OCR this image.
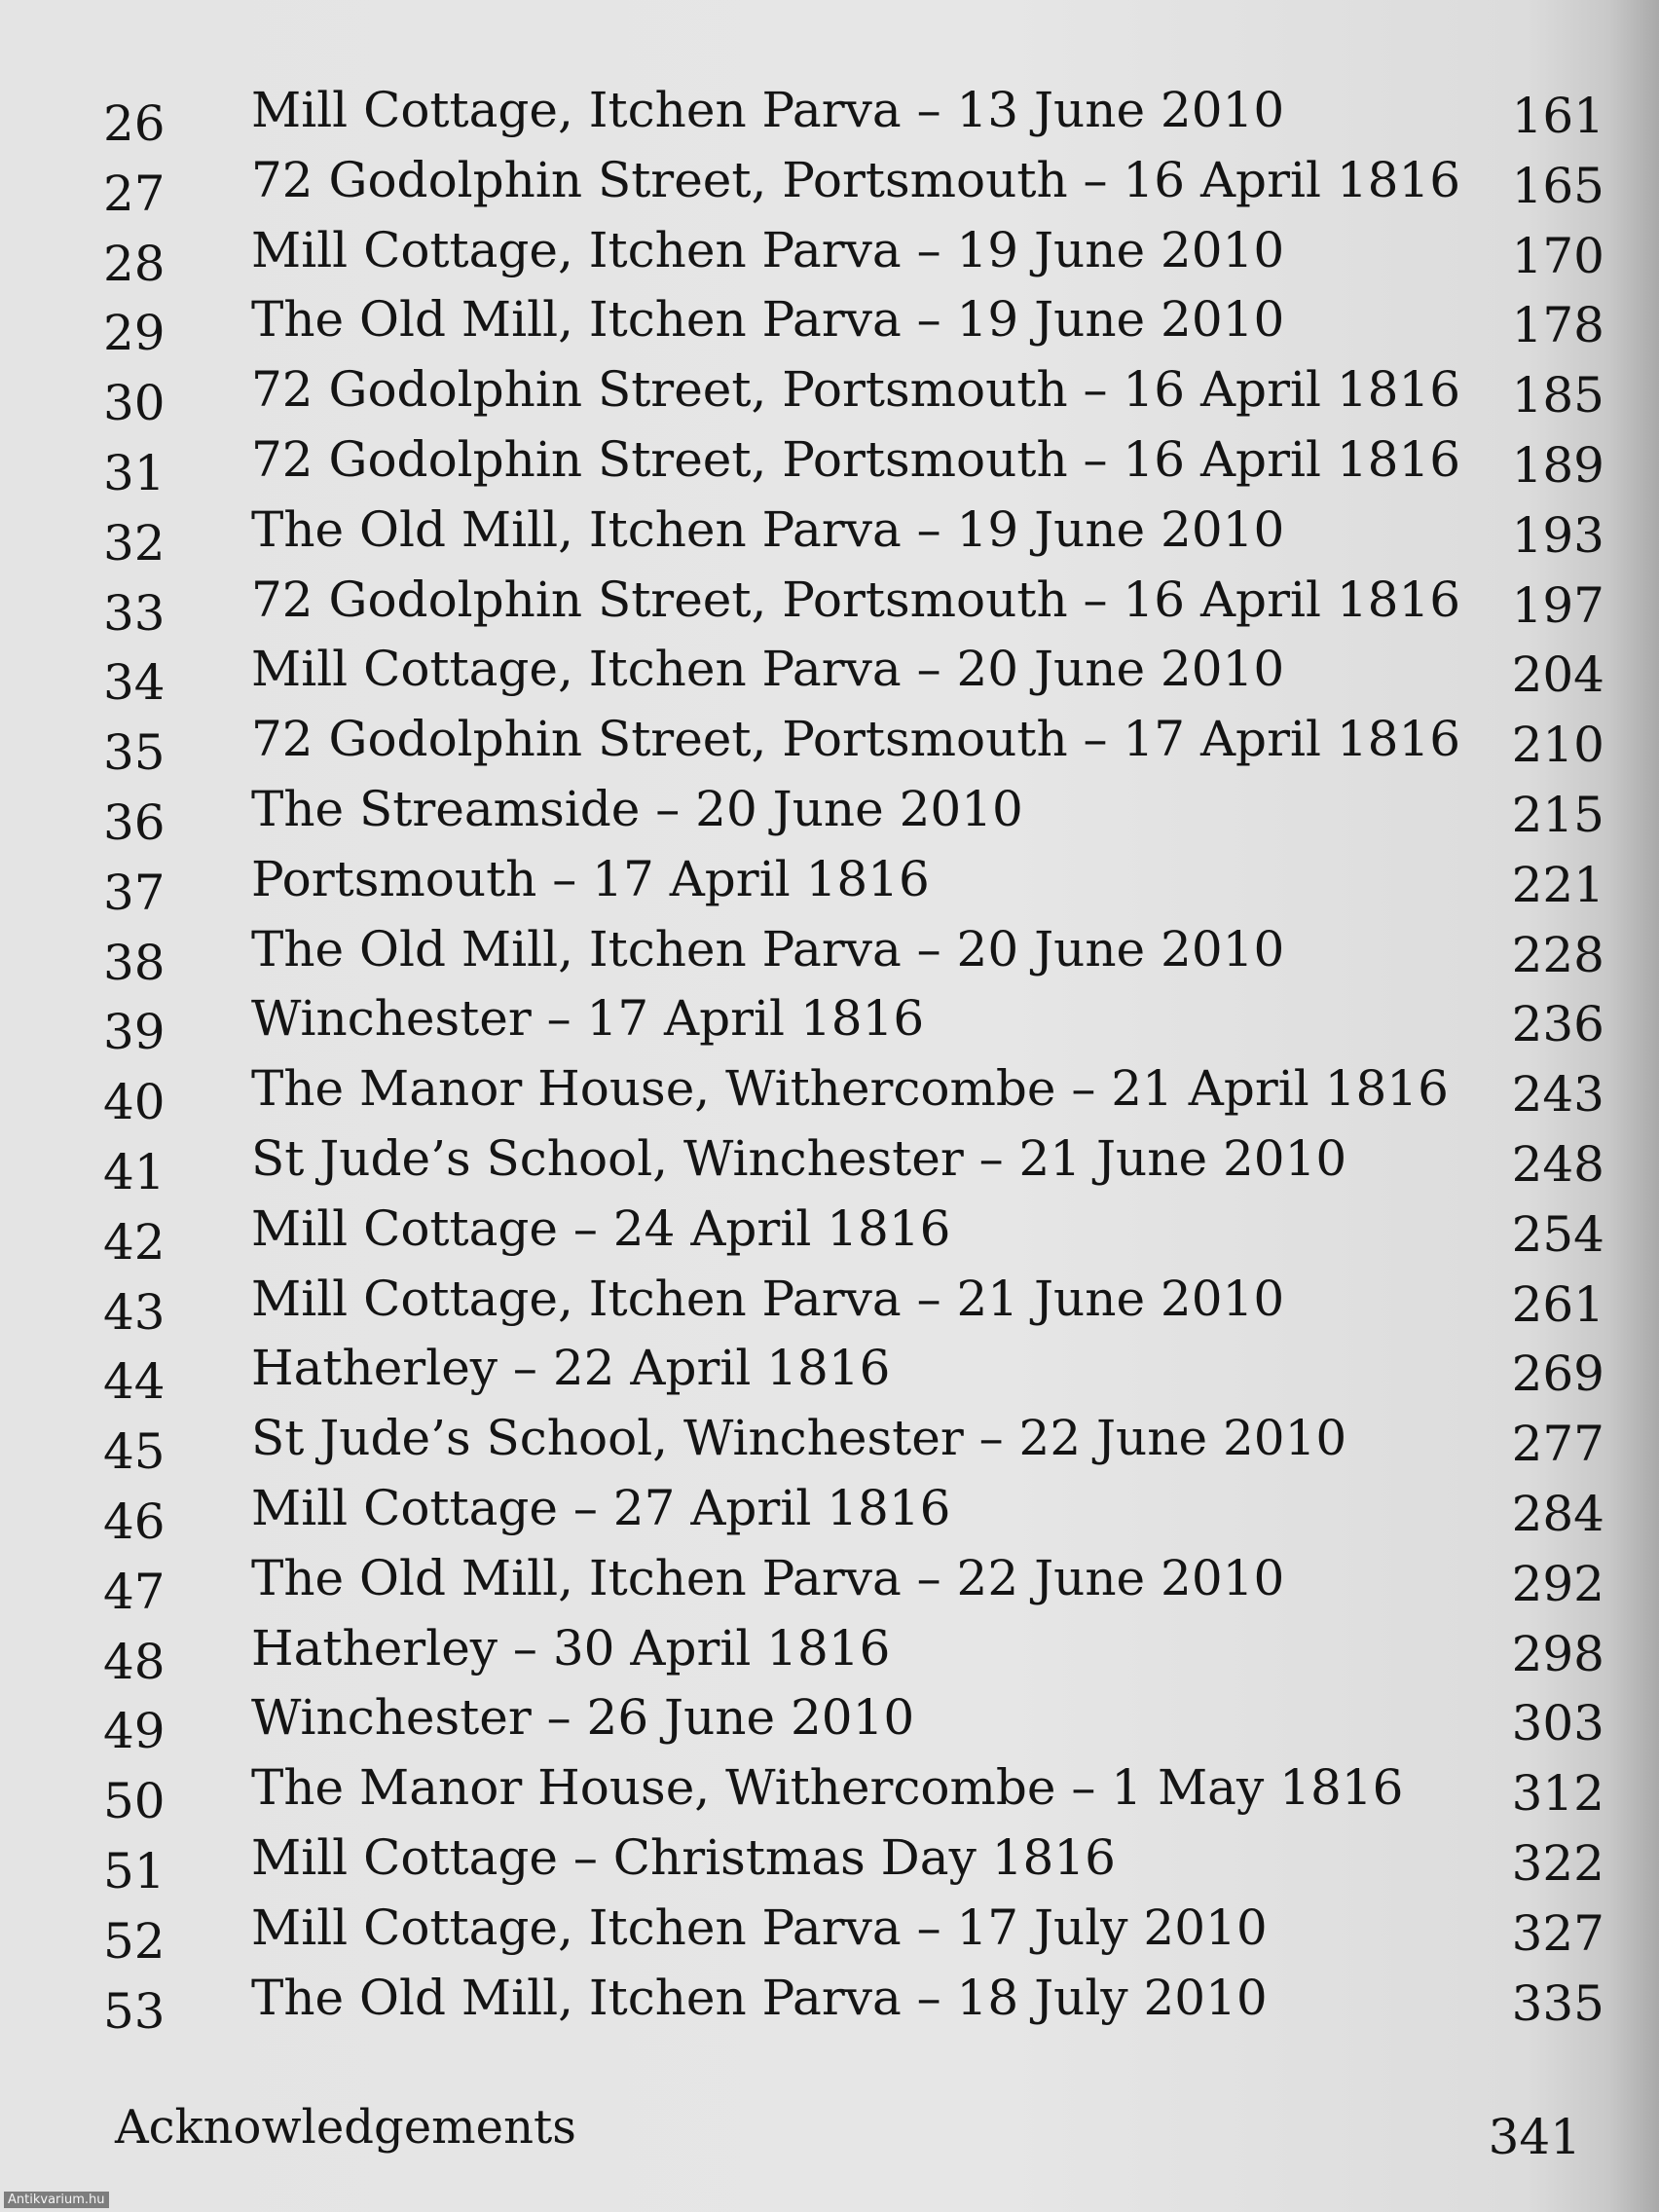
26 Mill Cottage, Itchen Parva – 13 June 2010	161
27 72 Godolphin Street, Portsmouth – 16 April 1816 165
28 Mill Cottage, Itchen Parva – 19 June 2010	170
29 The Old Mill, Itchen Parva – 19 June 2010	178
30 72 Godolphin Street, Portsmouth – 16 April 1816 185
31 72 Godolphin Street, Portsmouth – 16 April 1816 189
32 The Old Mill, Itchen Parva – 19 June 2010	193
33 72 Godolphin Street, Portsmouth – 16 April 1816 197
34 Mill Cottage, Itchen Parva – 20 June 2010	204
35 72 Godolphin Street, Portsmouth – 17 April 1816 210
36 The Streamside – 20 June 2010	215
37 Portsmouth – 17 April 1816	221
38 The Old Mill, Itchen Parva – 20 June 2010	228
39 Winchester – 17 April 1816	236
40 The Manor House, Withercombe – 21 April 1816 243
41 St Jude’s School, Winchester – 21 June 2010	248
42 Mill Cottage – 24 April 1816	254
43 Mill Cottage, Itchen Parva – 21 June 2010	261
44 Hatherley – 22 April 1816	269
45 St Jude’s School, Winchester – 22 June 2010	277
46 Mill Cottage – 27 April 1816	284
47 The Old Mill, Itchen Parva – 22 June 2010	292
48 Hatherley – 30 April 1816	298
49 Winchester – 26 June 2010	303
50 The Manor House, Withercombe – 1 May 1816 312
51 Mill Cottage – Christmas Day 1816	322
52 Mill Cottage, Itchen Parva – 17 July 2010	327
53 The Old Mill, Itchen Parva – 18 July 2010	335
Acknowledgements	341
Antikvarium.hu
